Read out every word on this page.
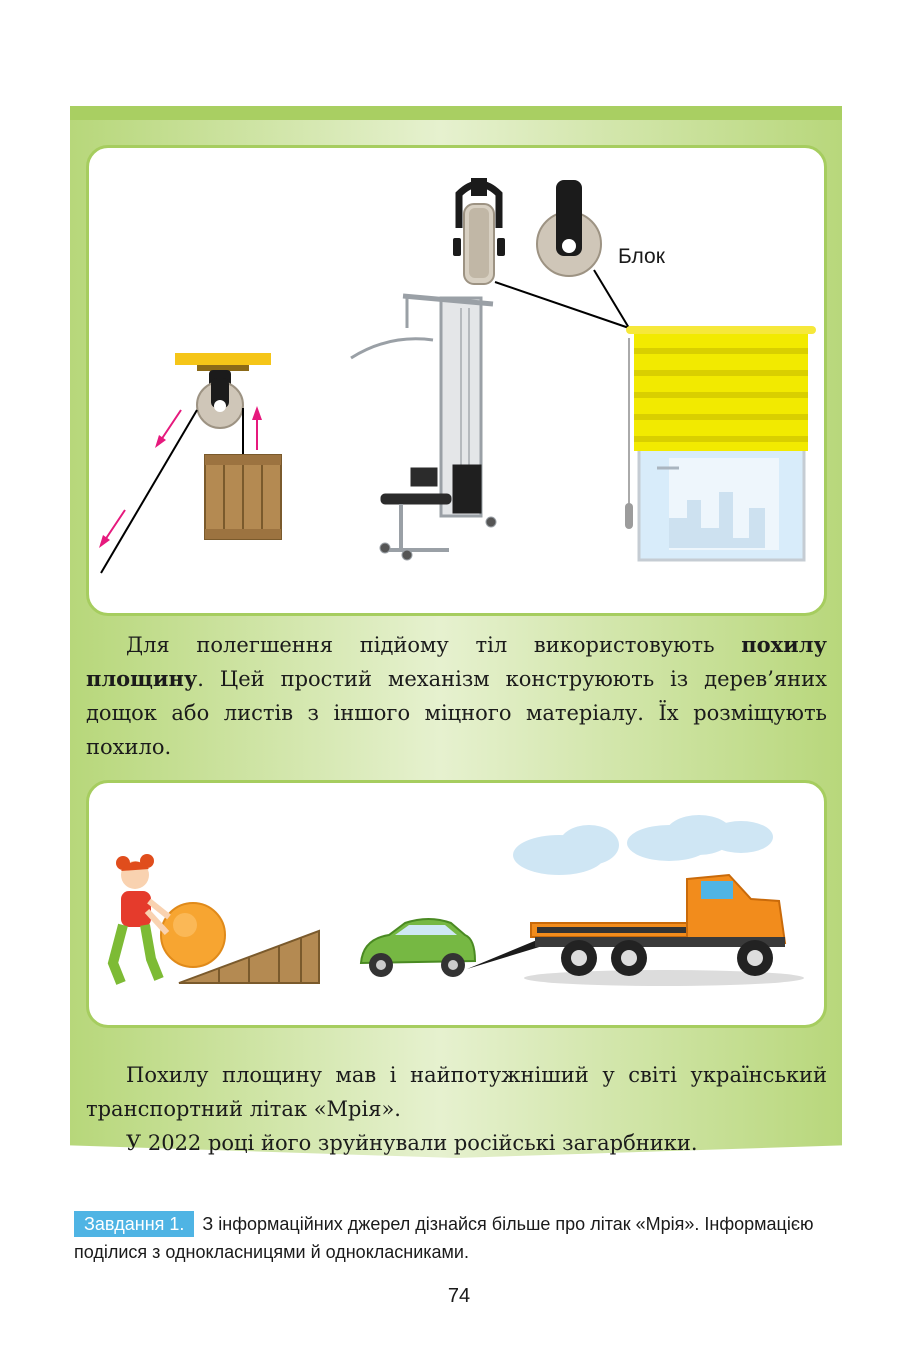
Блок

Для полегшення підйому тіл використовують похилу площину. Цей простий механізм конструюють із дерев’яних дощок або листів з іншого міцного матеріалу. Їх розміщують похило.

Похилу площину мав і найпотужніший у світі український транспортний літак «Мрія».

У 2022 році його зруйнували російські загарбники.

Завдання 1. З інформаційних джерел дізнайся більше про літак «Мрія». Інформацією поділися з однокласницями й однокласниками.
74
